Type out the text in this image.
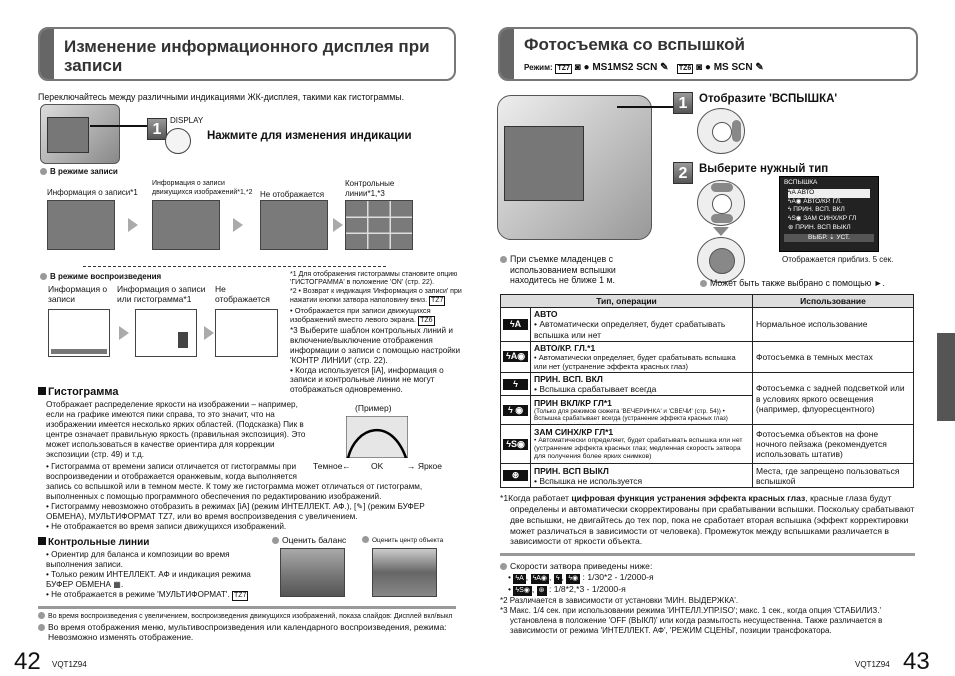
Изменение информационного дисплея при записи
Переключайтесь между различными индикациями ЖК-дисплея, такими как гистограммы.
1
DISPLAY
Нажмите для изменения индикации
В режиме записи
Информация о записи*1
Информация о записи движущихся изображений*1,*2 Не отображается
Контрольные линии*1,*3
В режиме воспроизведения
Информация о записи
Информация о записи или гистограмма*1
Не отображается
*1 Для отображения гистограммы становите опцию 'ГИСТОГРАММА' в положение 'ON' (стр. 22).
*2 • Возврат к индикация 'Информация о записи' при нажатии кнопки затвора наполовину вниз. TZ7
• Отображается при записи движущихся изображений вместо левого экрана. TZ6
*3 Выберите шаблон контрольных линий и включение/выключение отображения информации о записи с помощью настройки 'КОНТР ЛИНИИ' (стр. 22).
• Когда используется [iA], информация о записи и контрольные линии не могут отображаться одновременно.
Гистограмма
Отображает распределение яркости на изображении – например, если на графике имеются пики справа, то это значит, что на изображении имеется несколько ярких областей. (Подсказка) Пик в центре означает правильную яркость (правильная экспозиция). Это может использоваться в качестве ориентира для коррекции экспозиции (стр. 49) и т.д.
• Гистограмма от времени записи отличается от гистограммы при воспроизведении и отображается оранжевым, когда выполняется запись со вспышкой или в темном месте. К тому же гистограмма может отличаться от гистограмм, выполненных с помощью программного обеспечения по редактированию изображений.
• Гистограмму невозможно отобразить в режимах [iA] (режим ИНТЕЛЛЕКТ. АФ.), [✎] (режим БУФЕР ОБМЕНА), МУЛЬТИФОРМАТ TZ7, или во время воспроизведения с увеличением.
• Не отображается во время записи движущихся изображений.
(Пример)
Темное← OK	→ Яркое
Контрольные линии
• Ориентир для баланса и композиции во время выполнения записи.
• Только режим ИНТЕЛЛЕКТ. АФ и индикация режима БУФЕР ОБМЕНА ▦.
• Не отображается в режиме 'МУЛЬТИФОРМАТ'. TZ7
Оценить баланс	Оценить центр объекта
Во время воспроизведения с увеличением, воспроизведения движущихся изображений, показа слайдов: Дисплей вкл/выкл
Во время отображения меню, мультивоспроизведения или календарного воспроизведения, режима: Невозможно изменять отображение.
42 VQT1Z94
Фотосъемка со вспышкой
Режим: TZ7 ◙ ● MS1MS2 SCN ✎   TZ6 ◙ ● MS SCN ✎
1	Отобразите 'ВСПЫШКА'
2	Выберите нужный тип
ВСПЫШКА
ϟA АВТО
ϟA◉ АВТО/КР. ГЛ.
ϟ ПРИН. ВСП. ВКЛ
ϟS◉ ЗАМ СИНХ/КР ГЛ
⊛ ПРИН. ВСП ВЫКЛ
ВЫБР. ⇣ УСТ.
Отображается приблиз. 5 сек.
При съемке младенцев с использованием вспышки находитесь не ближе 1 м.	Может быть также выбрано с помощью ►.
Тип, операции		Использование

ϟA	АВТО
• Автоматически определяет, будет срабатывать вспышка или нет	Нормальное использование

ϟA◉	АВТО/КР. ГЛ.*1
• Автоматически определяет, будет срабатывать вспышка или нет (устранение эффекта красных глаз)	Фотосъемка в темных местах

ϟ	ПРИН. ВСП. ВКЛ
• Вспышка срабатывает всегда	Фотосъемка с задней подсветкой или в условиях яркого освещения (например, флуоресцентного)

ϟ ◉	ПРИН ВКЛ/КР ГЛ*1
(Только для режимов сюжета 'ВЕЧЕРИНКА' и 'СВЕЧИ' (стр. 54)) • Вспышка срабатывает всегда (устранение эффекта красных глаз)	

ϟS◉	ЗАМ СИНХ/КР ГЛ*1
• Автоматически определяет, будет срабатывать вспышка или нет (устранение эффекта красных глаз; медленная скорость затвора для получения более ярких снимков)	Фотосъемка объектов на фоне ночного пейзажа (рекомендуется использовать штатив)

⊛	ПРИН. ВСП ВЫКЛ
• Вспышка не используется	Места, где запрещено пользоваться вспышкой
*1Когда работает цифровая функция устранения эффекта красных глаз, красные глаза будут определены и автоматически скорректированы при срабатывании вспышки. Поскольку срабатывают две вспышки, не двигайтесь до тех пор, пока не сработает вторая вспышка (эффект корректировки может различаться в зависимости от человека). Промежуток между вспышками различается в зависимости от яркости объекта.
Скорости затвора приведены ниже:
• ϟA , ϟA◉ , ϟ , ϟ◉ : 1/30*2 - 1/2000-я
• ϟS◉ , ⊛ : 1/8*2,*3 - 1/2000-я
*2 Различается в зависимости от установки 'МИН. ВЫДЕРЖКА'.
*3 Макс. 1/4 сек. при использовании режима 'ИНТЕЛЛ.УПР.ISO'; макс. 1 сек., когда опция 'СТАБИЛИЗ.' установлена в положение 'OFF (ВЫКЛ)' или когда размытость несущественна. Также различается в зависимости от режима 'ИНТЕЛЛЕКТ. АФ', 'РЕЖИМ СЦЕНЫ', позиции трансфокатора.
VQT1Z94 43
